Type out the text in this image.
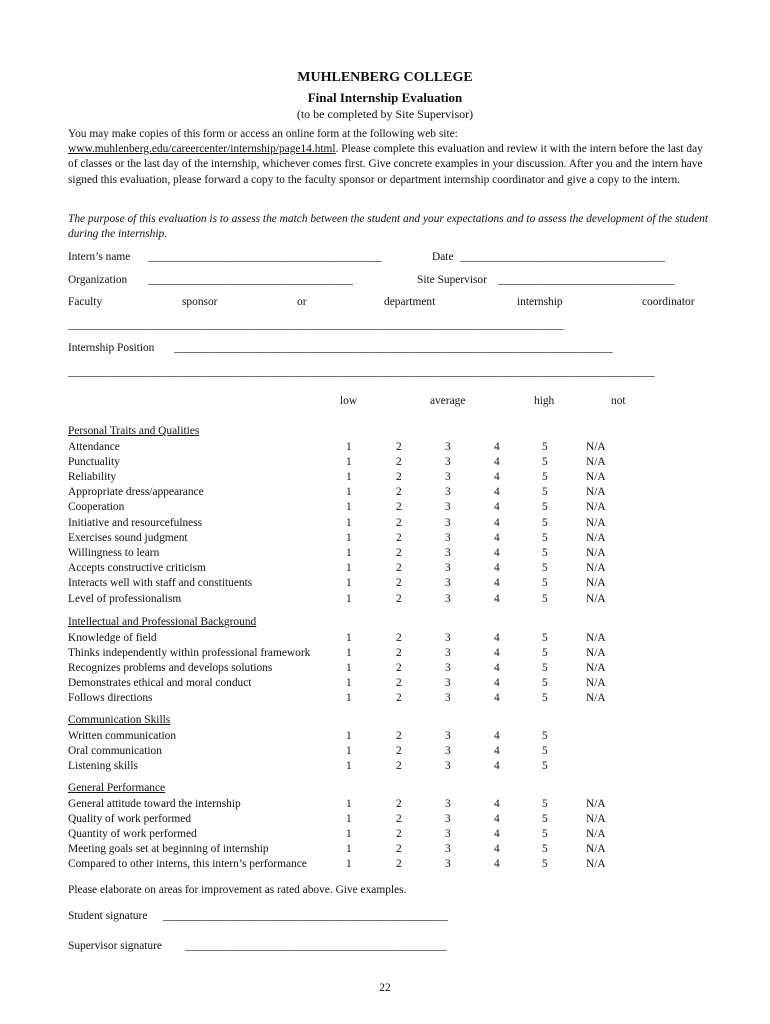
MUHLENBERG COLLEGE
Final Internship Evaluation
(to be completed by Site Supervisor)
You may make copies of this form or access an online form at the following web site:
www.muhlenberg.edu/careercenter/internship/page14.html. Please complete this evaluation and review it with the intern before the last day of classes or the last day of the internship, whichever comes first. Give concrete examples in your discussion. After you and the intern have signed this evaluation, please forward a copy to the faculty sponsor or department internship coordinator and give a copy to the intern.
The purpose of this evaluation is to assess the match between the student and your expectations and to assess the development of the student during the internship.
Intern’s name _________________________________________	Date ____________________________________
Organization ____________________________________	Site Supervisor _______________________________
Faculty	sponsor	or	department	internship	coordinator
_______________________________________________________________________________________
Internship Position _____________________________________________________________________________
_______________________________________________________________________________________________________
low	average	high	not
Personal Traits and Qualities
Attendance	1	2	3	4	5	N/A
Punctuality	1	2	3	4	5	N/A
Reliability	1	2	3	4	5	N/A
Appropriate dress/appearance	1	2	3	4	5	N/A
Cooperation	1	2	3	4	5	N/A
Initiative and resourcefulness	1	2	3	4	5	N/A
Exercises sound judgment	1	2	3	4	5	N/A
Willingness to learn	1	2	3	4	5	N/A
Accepts constructive criticism	1	2	3	4	5	N/A
Interacts well with staff and constituents	1	2	3	4	5	N/A
Level of professionalism	1	2	3	4	5	N/A
Intellectual and Professional Background
Knowledge of field	1	2	3	4	5	N/A
Thinks independently within professional framework	1	2	3	4	5	N/A
Recognizes problems and develops solutions	1	2	3	4	5	N/A
Demonstrates ethical and moral conduct	1	2	3	4	5	N/A
Follows directions	1	2	3	4	5	N/A
Communication Skills
Written communication	1	2	3	4	5
Oral communication	1	2	3	4	5
Listening skills	1	2	3	4	5
General Performance
General attitude toward the internship	1	2	3	4	5	N/A
Quality of work performed	1	2	3	4	5	N/A
Quantity of work performed	1	2	3	4	5	N/A
Meeting goals set at beginning of internship	1	2	3	4	5	N/A
Compared to other interns, this intern’s performance	1	2	3	4	5	N/A
Please elaborate on areas for improvement as rated above. Give examples.
Student signature __________________________________________________
Supervisor signature ______________________________________________
22
